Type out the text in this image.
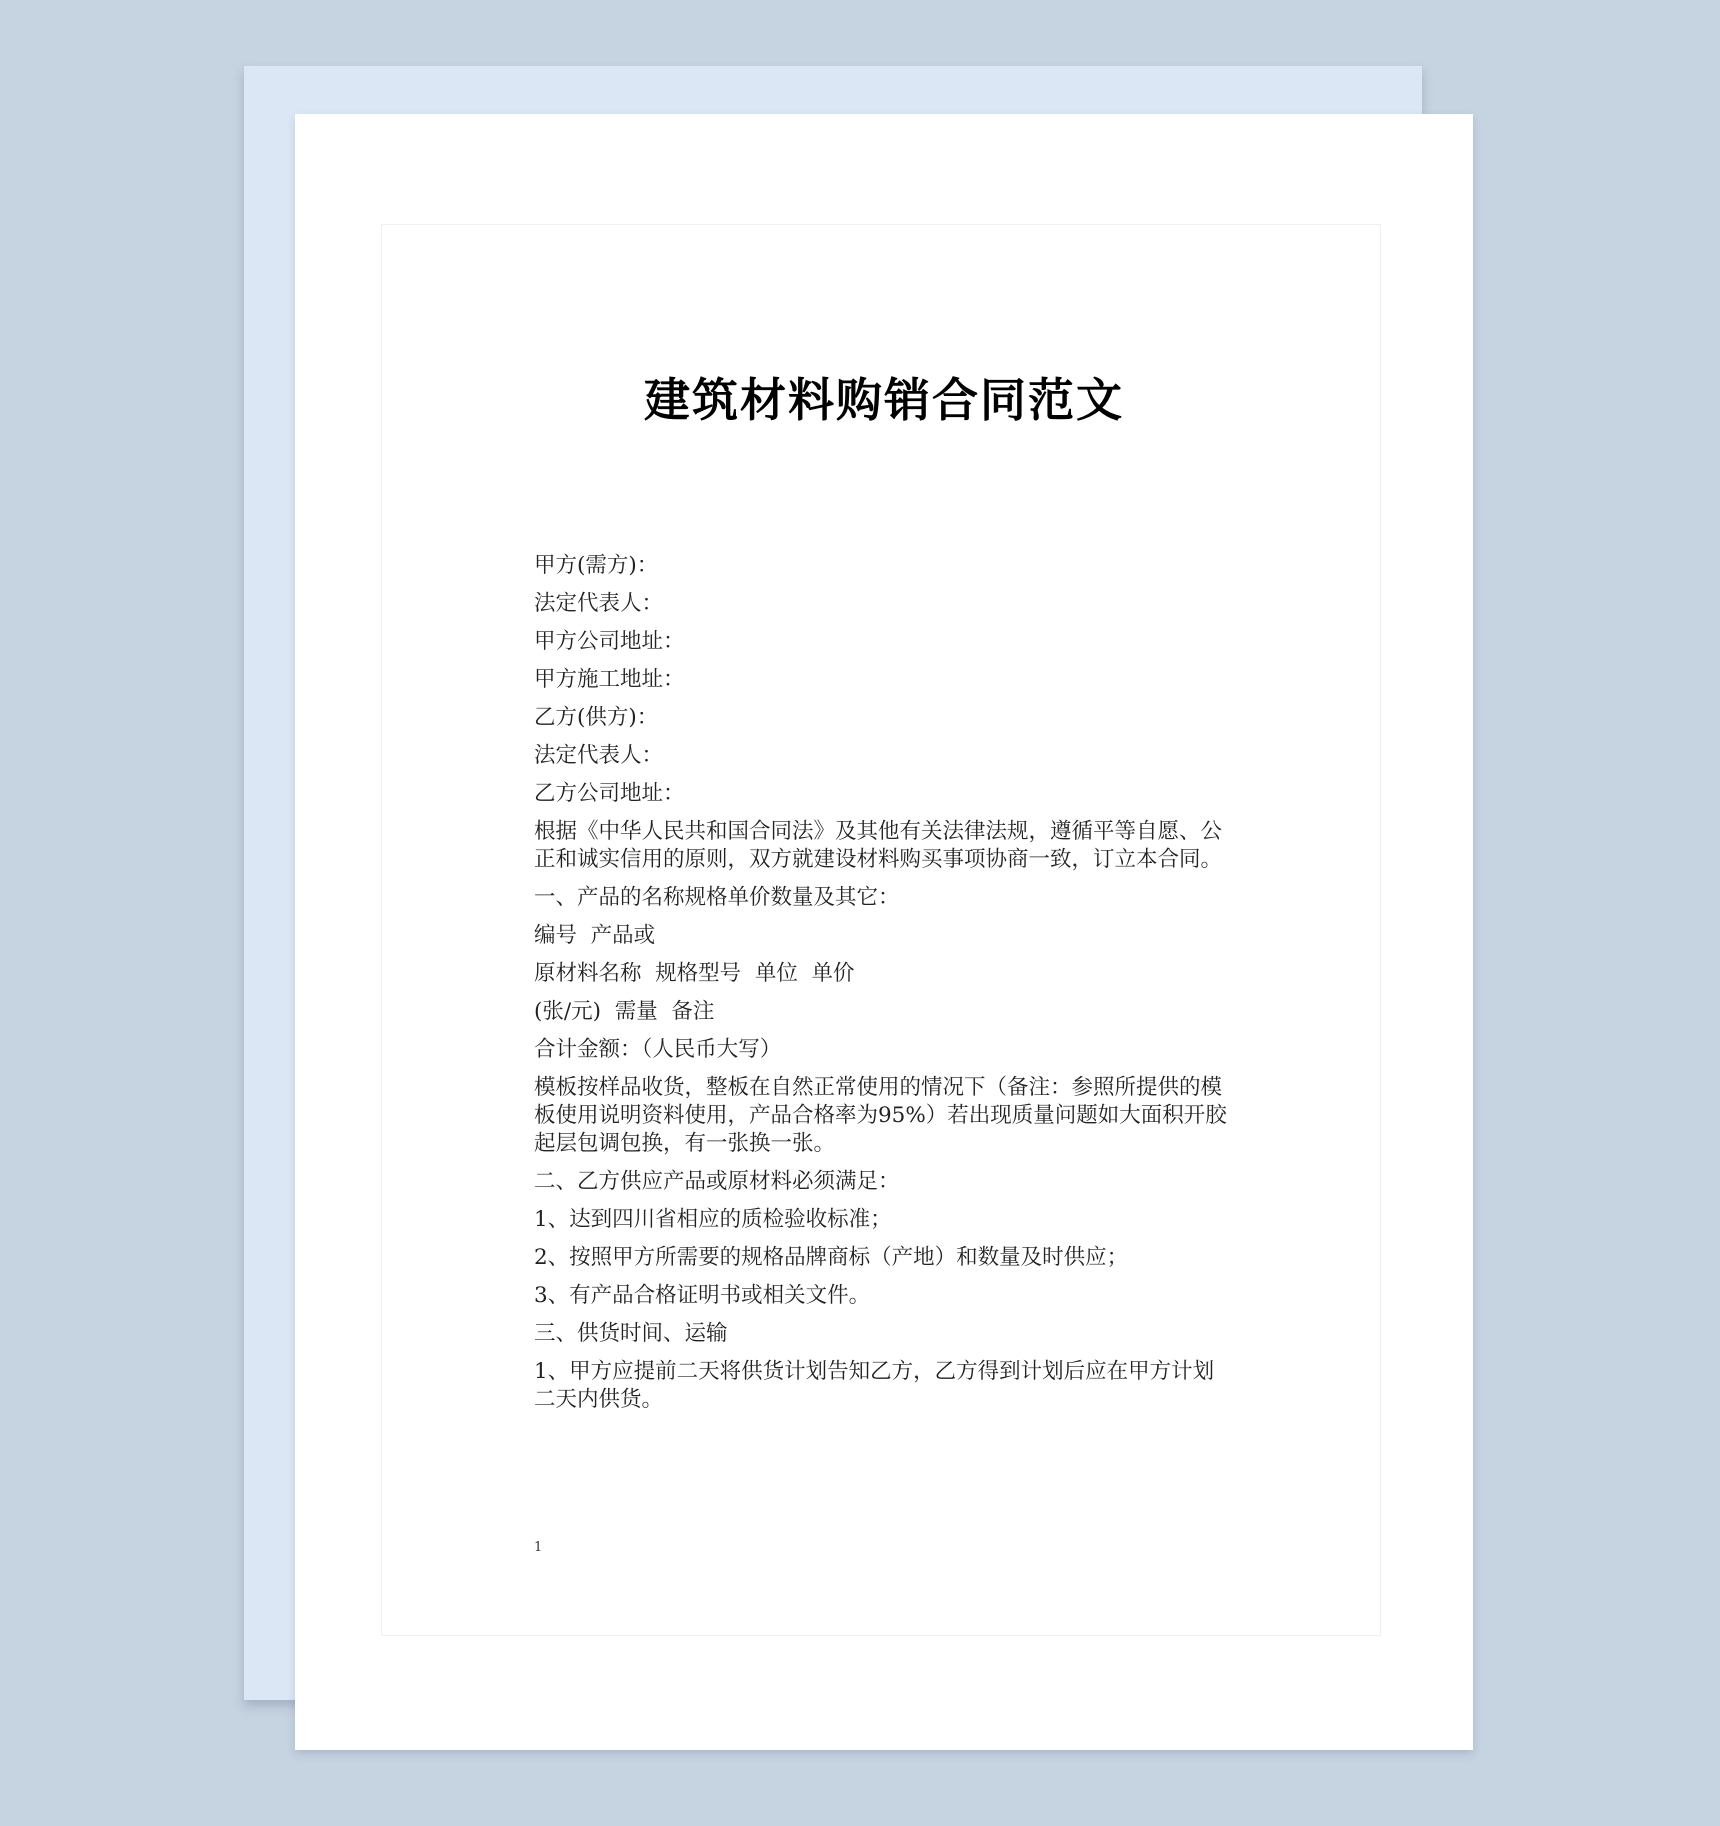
建筑材料购销合同范文
甲方(需方)：
法定代表人：
甲方公司地址：
甲方施工地址：
乙方(供方)：
法定代表人：
乙方公司地址：
根据《中华人民共和国合同法》及其他有关法律法规，遵循平等自愿、公正和诚实信用的原则，双方就建设材料购买事项协商一致，订立本合同。
一、产品的名称规格单价数量及其它：
编号  产品或
原材料名称  规格型号  单位  单价
(张/元)  需量  备注
合计金额：（人民币大写）
模板按样品收货，整板在自然正常使用的情况下（备注：参照所提供的模板使用说明资料使用，产品合格率为95%）若出现质量问题如大面积开胶起层包调包换，有一张换一张。
二、乙方供应产品或原材料必须满足：
1、达到四川省相应的质检验收标准；
2、按照甲方所需要的规格品牌商标（产地）和数量及时供应；
3、有产品合格证明书或相关文件。
三、供货时间、运输
1、甲方应提前二天将供货计划告知乙方，乙方得到计划后应在甲方计划二天内供货。
1
